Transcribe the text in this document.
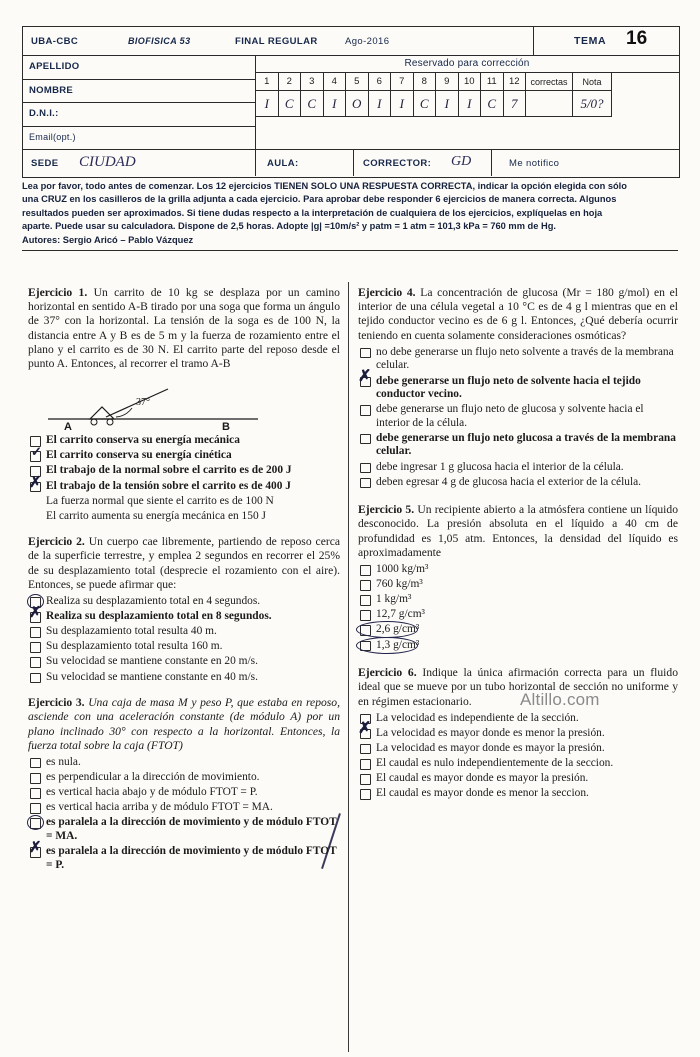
UBA-CBC	BIOFISICA 53	FINAL REGULAR	Ago-2016	TEMA 16
APELLIDO
NOMBRE
D.N.I.:
Email(opt.)
Reservado para corrección
1	2	3	4	5	6	7	8	9	10	11	12	correctas	Nota
I	C	C	I	O	I	I	C	I	I	C	7		5/0?
SEDE CIUDAD	AULA:	CORRECTOR: GD	Me notifico

Lea por favor, todo antes de comenzar. Los 12 ejercicios TIENEN SOLO UNA RESPUESTA CORRECTA, indicar la opción elegida con sólo

una CRUZ en los casilleros de la grilla adjunta a cada ejercicio. Para aprobar debe responder 6 ejercicios de manera correcta. Algunos

resultados pueden ser aproximados. Si tiene dudas respecto a la interpretación de cualquiera de los ejercicios, explíquelas en hoja

aparte. Puede usar su calculadora. Dispone de 2,5 horas. Adopte |g| =10m/s² y patm = 1 atm = 101,3 kPa = 760 mm de Hg.

Autores: Sergio Aricó – Pablo Vázquez

Altillo.com
Ejercicio 1. Un carrito de 10 kg se desplaza por un camino horizontal en sentido A-B tirado por una soga que forma un ángulo de 37° con la horizontal. La tensión de la soga es de 100 N, la distancia entre A y B es de 5 m y la fuerza de rozamiento entre el plano y el carrito es de 30 N. El carrito parte del reposo desde el punto A. Entonces, al recorrer el tramo A-B
37°
A	B
El carrito conserva su energía mecánica
✓ El carrito conserva su energía cinética
El trabajo de la normal sobre el carrito es de 200 J
✗ El trabajo de la tensión sobre el carrito es de 400 J
La fuerza normal que siente el carrito es de 100 N
El carrito aumenta su energía mecánica en 150 J
Ejercicio 2. Un cuerpo cae libremente, partiendo de reposo cerca de la superficie terrestre, y emplea 2 segundos en recorrer el 25% de su desplazamiento total (desprecie el rozamiento con el aire). Entonces, se puede afirmar que:
Realiza su desplazamiento total en 4 segundos.
✗ Realiza su desplazamiento total en 8 segundos.
Su desplazamiento total resulta 40 m.
Su desplazamiento total resulta 160 m.
Su velocidad se mantiene constante en 20 m/s.
Su velocidad se mantiene constante en 40 m/s.
Ejercicio 3. Una caja de masa M y peso P, que estaba en reposo, asciende con una aceleración constante (de módulo A) por un plano inclinado 30° con respecto a la horizontal. Entonces, la fuerza total sobre la caja (FTOT)
es nula.
es perpendicular a la dirección de movimiento.
es vertical hacia abajo y de módulo FTOT = P.
es vertical hacia arriba y de módulo FTOT = MA.
es paralela a la dirección de movimiento y de módulo FTOT = MA.
✗ es paralela a la dirección de movimiento y de módulo FTOT = P.
Ejercicio 4. La concentración de glucosa (Mr = 180 g/mol) en el interior de una célula vegetal a 10 °C es de 4 g l mientras que en el tejido conductor vecino es de 6 g l. Entonces, ¿Qué debería ocurrir teniendo en cuenta solamente consideraciones osmóticas?
no debe generarse un flujo neto solvente a través de la membrana celular.
✗ debe generarse un flujo neto de solvente hacia el tejido conductor vecino.
debe generarse un flujo neto de glucosa y solvente hacia el interior de la célula.
debe generarse un flujo neto glucosa a través de la membrana celular.
debe ingresar 1 g glucosa hacia el interior de la célula.
deben egresar 4 g de glucosa hacia el exterior de la célula.
Ejercicio 5. Un recipiente abierto a la atmósfera contiene un líquido desconocido. La presión absoluta en el líquido a 40 cm de profundidad es 1,05 atm. Entonces, la densidad del líquido es aproximadamente
1000 kg/m³
760 kg/m³
1 kg/m³
12,7 g/cm³
2,6 g/cm³
1,3 g/cm³
Ejercicio 6. Indique la única afirmación correcta para un fluido ideal que se mueve por un tubo horizontal de sección no uniforme y en régimen estacionario.
La velocidad es independiente de la sección.
✗ La velocidad es mayor donde es menor la presión.
La velocidad es mayor donde es mayor la presión.
El caudal es nulo independientemente de la seccion.
El caudal es mayor donde es mayor la presión.
El caudal es mayor donde es menor la seccion.
